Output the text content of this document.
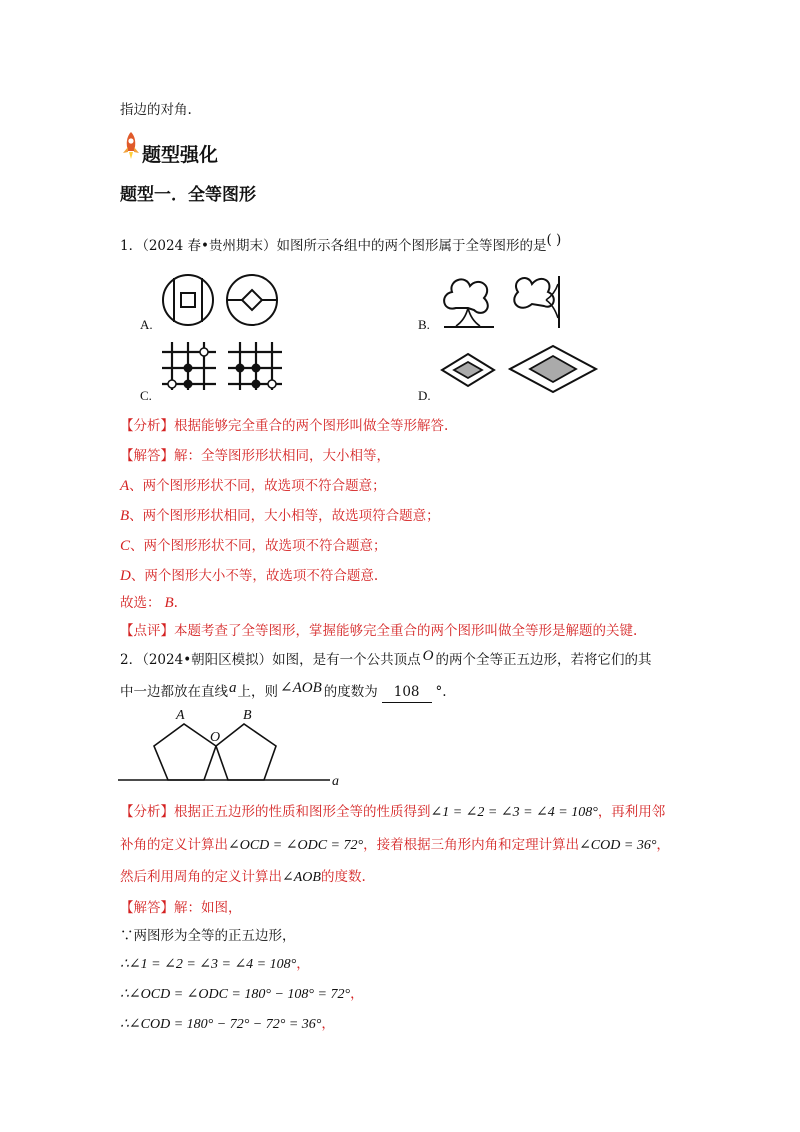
指边的对角.
题型强化
题型一．全等图形
1．（2024 春•贵州期末）如图所示各组中的两个图形属于全等图形的是( )
A.	B.
C.	D.
【分析】根据能够完全重合的两个图形叫做全等形解答.
【解答】解：全等图形形状相同，大小相等，
A、两个图形形状不同，故选项不符合题意；
B、两个图形形状相同，大小相等，故选项符合题意；
C、两个图形形状不同，故选项不符合题意；
D、两个图形大小不等，故选项不符合题意.
故选： B.
【点评】本题考查了全等图形，掌握能够完全重合的两个图形叫做全等形是解题的关键.
2．（2024•朝阳区模拟）如图，是有一个公共顶点 O 的两个全等正五边形，若将它们的其
中一边都放在直线a上，则 ∠AOB 的度数为 108 °.
A	B
O
a
【分析】根据正五边形的性质和图形全等的性质得到∠1 = ∠2 = ∠3 = ∠4 = 108°，再利用邻
补角的定义计算出∠OCD = ∠ODC = 72°，接着根据三角形内角和定理计算出∠COD = 36°，
然后利用周角的定义计算出∠AOB的度数.
【解答】解：如图，
∵两图形为全等的正五边形，
∴∠1 = ∠2 = ∠3 = ∠4 = 108°，
∴∠OCD = ∠ODC = 180° − 108° = 72°，
∴∠COD = 180° − 72° − 72° = 36°，
